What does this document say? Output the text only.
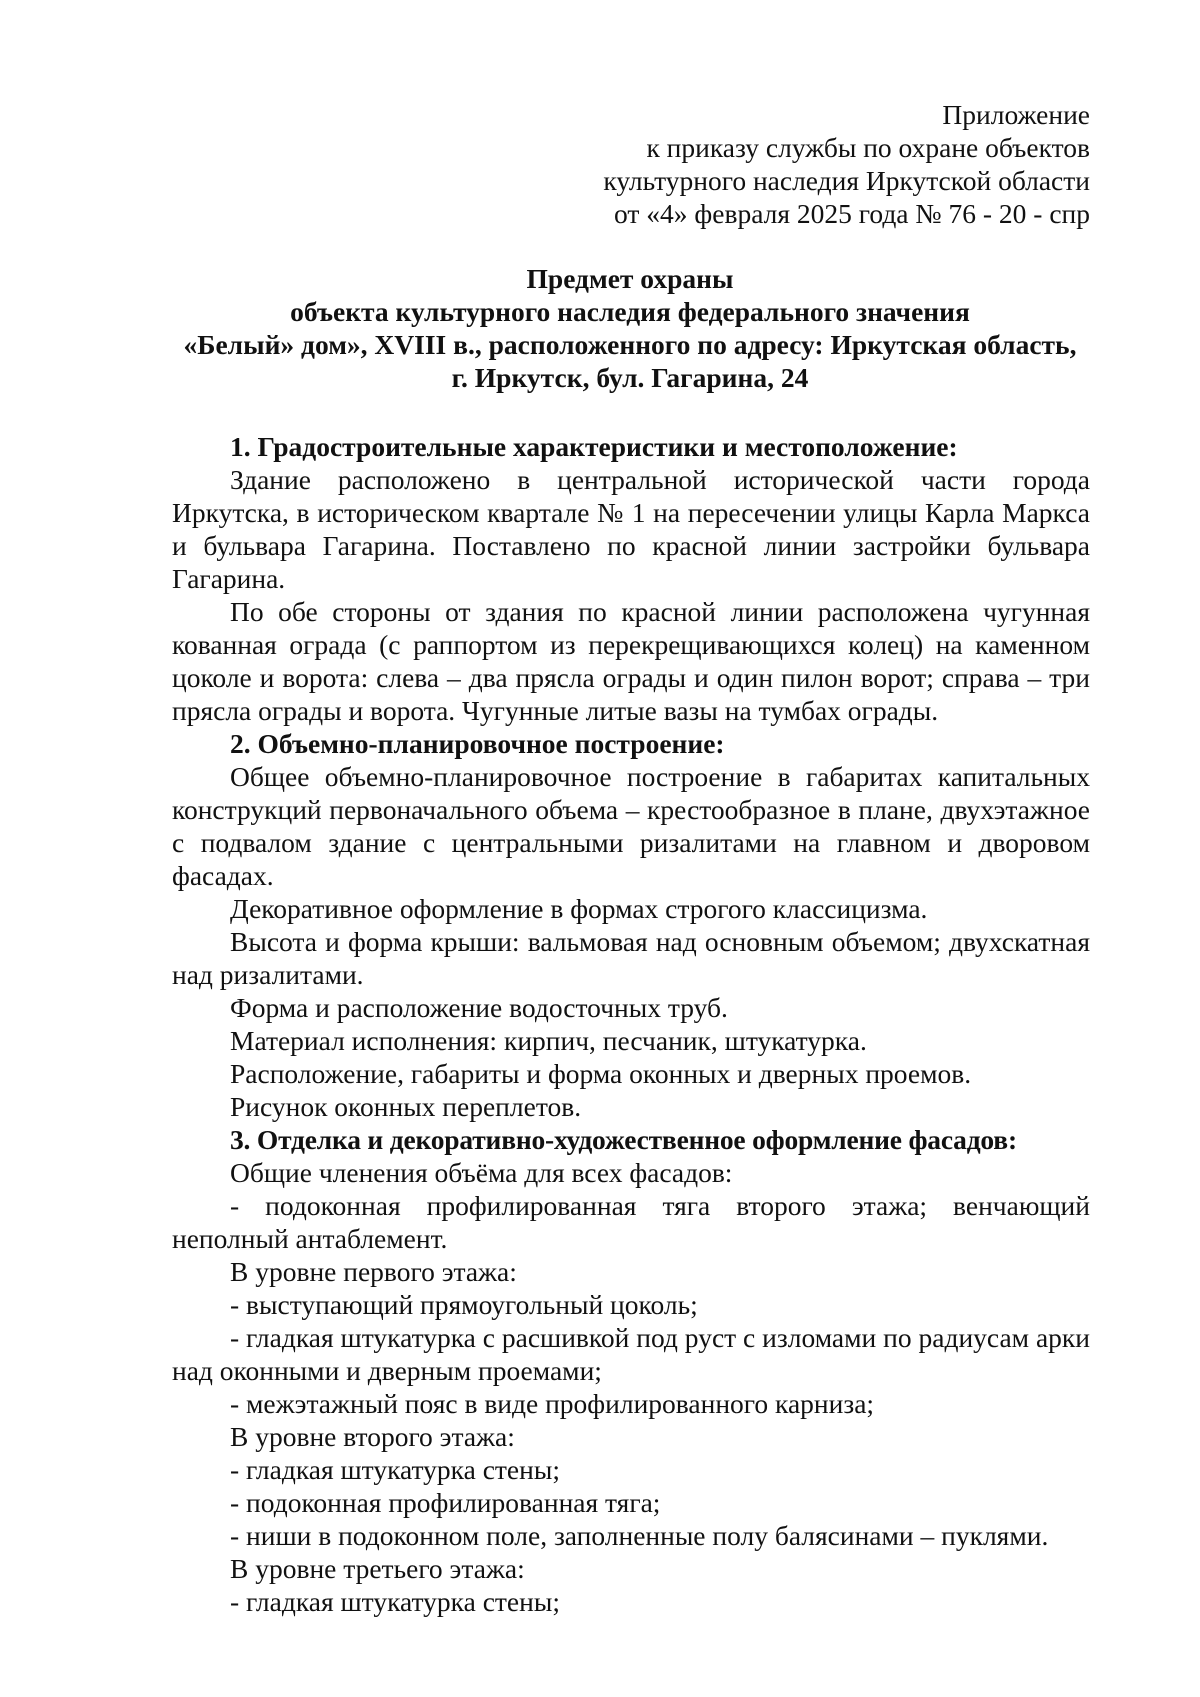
Приложение
к приказу службы по охране объектов
культурного наследия Иркутской области
от «4» февраля 2025 года № 76 - 20 - спр
Предмет охраны
объекта культурного наследия федерального значения
«Белый» дом», XVIII в., расположенного по адресу: Иркутская область,
г. Иркутск, бул. Гагарина, 24

1. Градостроительные характеристики и местоположение:

Здание расположено в центральной исторической части города Иркутска, в историческом квартале № 1 на пересечении улицы Карла Маркса и бульвара Гагарина. Поставлено по красной линии застройки бульвара Гагарина.

По обе стороны от здания по красной линии расположена чугунная кованная ограда (с раппортом из перекрещивающихся колец) на каменном цоколе и ворота: слева – два прясла ограды и один пилон ворот; справа – три прясла ограды и ворота. Чугунные литые вазы на тумбах ограды.

2. Объемно-планировочное построение:

Общее объемно-планировочное построение в габаритах капитальных конструкций первоначального объема – крестообразное в плане, двухэтажное с подвалом здание с центральными ризалитами на главном и дворовом фасадах.

Декоративное оформление в формах строгого классицизма.

Высота и форма крыши: вальмовая над основным объемом; двухскатная над ризалитами.

Форма и расположение водосточных труб.

Материал исполнения: кирпич, песчаник, штукатурка.

Расположение, габариты и форма оконных и дверных проемов.

Рисунок оконных переплетов.

3. Отделка и декоративно-художественное оформление фасадов:

Общие членения объёма для всех фасадов:

- подоконная профилированная тяга второго этажа; венчающий неполный антаблемент.

В уровне первого этажа:

- выступающий прямоугольный цоколь;

- гладкая штукатурка с расшивкой под руст с изломами по радиусам арки над оконными и дверным проемами;

- межэтажный пояс в виде профилированного карниза;

В уровне второго этажа:

- гладкая штукатурка стены;

- подоконная профилированная тяга;

- ниши в подоконном поле, заполненные полу балясинами – пуклями.

В уровне третьего этажа:

- гладкая штукатурка стены;
